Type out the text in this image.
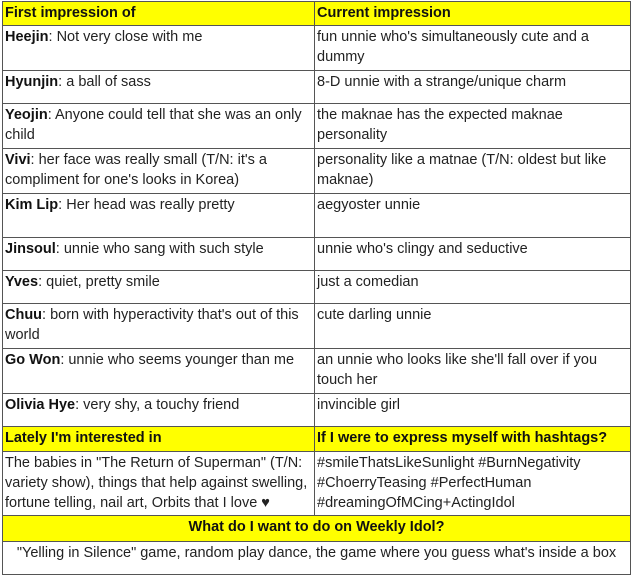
First impression of	Current impression
Heejin: Not very close with me	fun unnie who's simultaneously cute and a dummy
Hyunjin: a ball of sass	8-D unnie with a strange/unique charm
Yeojin: Anyone could tell that she was an only child	the maknae has the expected maknae personality
Vivi: her face was really small (T/N: it's a compliment for one's looks in Korea)	personality like a matnae (T/N: oldest but like maknae)
Kim Lip: Her head was really pretty	aegyoster unnie
Jinsoul: unnie who sang with such style	unnie who's clingy and seductive
Yves: quiet, pretty smile	just a comedian
Chuu: born with hyperactivity that's out of this world	cute darling unnie
Go Won: unnie who seems younger than me	an unnie who looks like she'll fall over if you touch her
Olivia Hye: very shy, a touchy friend	invincible girl
Lately I'm interested in	If I were to express myself with hashtags?
The babies in "The Return of Superman" (T/N: variety show), things that help against swelling, fortune telling, nail art, Orbits that I love ♥	#smileThatsLikeSunlight #BurnNegativity
#ChoerryTeasing #PerfectHuman
#dreamingOfMCing+ActingIdol

What do I want to do on Weekly Idol?	
"Yelling in Silence" game, random play dance, the game where you guess what's inside a box	
